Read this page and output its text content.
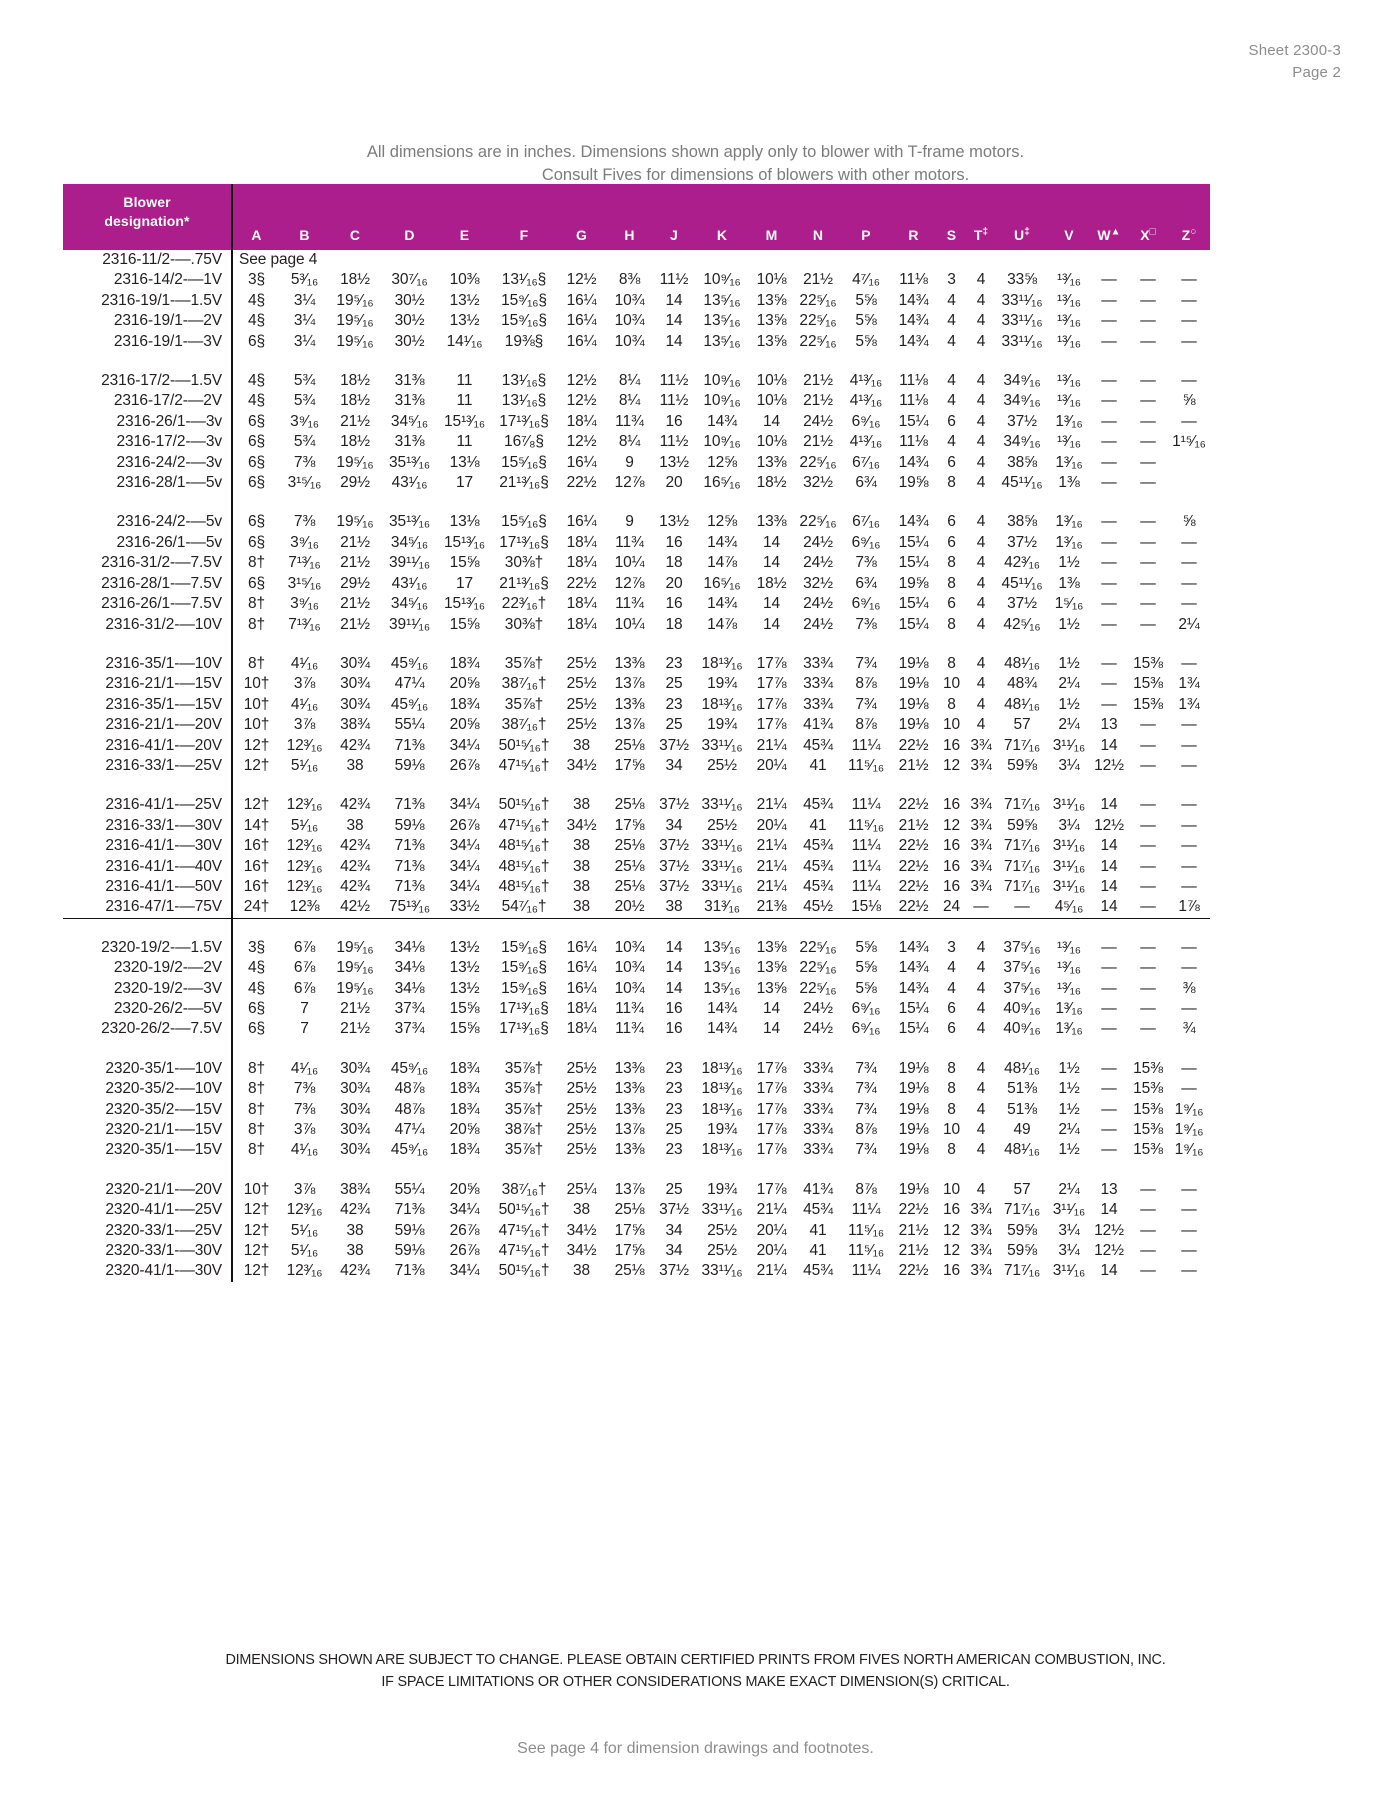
Sheet 2300-3
Page 2
All dimensions are in inches. Dimensions shown apply only to blower with T-frame motors.
Consult Fives for dimensions of blowers with other motors.
Blower
designation*	A	B	C	D	E	F	G	H	J	K	M	N	P	R	S	T‡	U‡	V	W▲	X□	Z○

2316-11/2-—.75V	See page 4																				
2316-14/2-—1V	3§	5³⁄₁₆	18½	30⁷⁄₁₆	10⅜	13¹⁄₁₆§	12½	8⅜	11½	10⁹⁄₁₆	10⅛	21½	4⁷⁄₁₆	11⅛	3	4	33⅝	¹³⁄₁₆	—	—	—
2316-19/1-—1.5V	4§	3¼	19⁵⁄₁₆	30½	13½	15⁹⁄₁₆§	16¼	10¾	14	13⁵⁄₁₆	13⅝	22⁵⁄₁₆	5⅝	14¾	4	4	33¹¹⁄₁₆	¹³⁄₁₆	—	—	—
2316-19/1-—2V	4§	3¼	19⁵⁄₁₆	30½	13½	15⁹⁄₁₆§	16¼	10¾	14	13⁵⁄₁₆	13⅝	22⁵⁄₁₆	5⅝	14¾	4	4	33¹¹⁄₁₆	¹³⁄₁₆	—	—	—
2316-19/1-—3V	6§	3¼	19⁵⁄₁₆	30½	14¹⁄₁₆	19⅜§	16¼	10¾	14	13⁵⁄₁₆	13⅝	22⁵⁄₁₆	5⅝	14¾	4	4	33¹¹⁄₁₆	¹³⁄₁₆	—	—	—

2316-17/2-—1.5V	4§	5¾	18½	31⅜	11	13¹⁄₁₆§	12½	8¼	11½	10⁹⁄₁₆	10⅛	21½	4¹³⁄₁₆	11⅛	4	4	34⁹⁄₁₆	¹³⁄₁₆	—	—	—
2316-17/2-—2V	4§	5¾	18½	31⅜	11	13¹⁄₁₆§	12½	8¼	11½	10⁹⁄₁₆	10⅛	21½	4¹³⁄₁₆	11⅛	4	4	34⁹⁄₁₆	¹³⁄₁₆	—	—	⅝
2316-26/1-—3v	6§	3⁹⁄₁₆	21½	34⁵⁄₁₆	15¹³⁄₁₆	17¹³⁄₁₆§	18¼	11¾	16	14¾	14	24½	6⁹⁄₁₆	15¼	6	4	37½	1³⁄₁₆	—	—	—
2316-17/2-—3v	6§	5¾	18½	31⅜	11	16⁷⁄₈§	12½	8¼	11½	10⁹⁄₁₆	10⅛	21½	4¹³⁄₁₆	11⅛	4	4	34⁹⁄₁₆	¹³⁄₁₆	—	—	1¹⁵⁄₁₆
2316-24/2-—3v	6§	7⅜	19⁵⁄₁₆	35¹³⁄₁₆	13⅛	15⁵⁄₁₆§	16¼	9	13½	12⅝	13⅜	22⁵⁄₁₆	6⁷⁄₁₆	14¾	6	4	38⅝	1³⁄₁₆	—	—	
2316-28/1-—5v	6§	3¹⁵⁄₁₆	29½	43¹⁄₁₆	17	21¹³⁄₁₆§	22½	12⅞	20	16⁵⁄₁₆	18½	32½	6¾	19⅝	8	4	45¹¹⁄₁₆	1⅜	—	—	

2316-24/2-—5v	6§	7⅜	19⁵⁄₁₆	35¹³⁄₁₆	13⅛	15⁵⁄₁₆§	16¼	9	13½	12⅝	13⅜	22⁵⁄₁₆	6⁷⁄₁₆	14¾	6	4	38⅝	1³⁄₁₆	—	—	⅝
2316-26/1-—5v	6§	3⁹⁄₁₆	21½	34⁵⁄₁₆	15¹³⁄₁₆	17¹³⁄₁₆§	18¼	11¾	16	14¾	14	24½	6⁹⁄₁₆	15¼	6	4	37½	1³⁄₁₆	—	—	—
2316-31/2-—7.5V	8†	7¹³⁄₁₆	21½	39¹¹⁄₁₆	15⅝	30⅜†	18¼	10¼	18	14⅞	14	24½	7⅜	15¼	8	4	42³⁄₁₆	1½	—	—	—
2316-28/1-—7.5V	6§	3¹⁵⁄₁₆	29½	43¹⁄₁₆	17	21¹³⁄₁₆§	22½	12⅞	20	16⁵⁄₁₆	18½	32½	6¾	19⅝	8	4	45¹¹⁄₁₆	1⅜	—	—	—
2316-26/1-—7.5V	8†	3⁹⁄₁₆	21½	34⁵⁄₁₆	15¹³⁄₁₆	22³⁄₁₆†	18¼	11¾	16	14¾	14	24½	6⁹⁄₁₆	15¼	6	4	37½	1⁵⁄₁₆	—	—	—
2316-31/2-—10V	8†	7¹³⁄₁₆	21½	39¹¹⁄₁₆	15⅝	30⅜†	18¼	10¼	18	14⅞	14	24½	7⅜	15¼	8	4	42⁵⁄₁₆	1½	—	—	2¼

2316-35/1-—10V	8†	4¹⁄₁₆	30¾	45⁹⁄₁₆	18¾	35⅞†	25½	13⅜	23	18¹³⁄₁₆	17⅞	33¾	7¾	19⅛	8	4	48¹⁄₁₆	1½	—	15⅜	—
2316-21/1-—15V	10†	3⅞	30¾	47¼	20⅝	38⁷⁄₁₆†	25½	13⅞	25	19¾	17⅞	33¾	8⅞	19⅛	10	4	48¾	2¼	—	15⅜	1¾
2316-35/1-—15V	10†	4¹⁄₁₆	30¾	45⁹⁄₁₆	18¾	35⅞†	25½	13⅜	23	18¹³⁄₁₆	17⅞	33¾	7¾	19⅛	8	4	48¹⁄₁₆	1½	—	15⅜	1¾
2316-21/1-—20V	10†	3⅞	38¾	55¼	20⅝	38⁷⁄₁₆†	25½	13⅞	25	19¾	17⅞	41¾	8⅞	19⅛	10	4	57	2¼	13	—	—
2316-41/1-—20V	12†	12³⁄₁₆	42¾	71⅜	34¼	50¹⁵⁄₁₆†	38	25⅛	37½	33¹¹⁄₁₆	21¼	45¾	11¼	22½	16	3¾	71⁷⁄₁₆	3¹¹⁄₁₆	14	—	—
2316-33/1-—25V	12†	5¹⁄₁₆	38	59⅛	26⅞	47¹⁵⁄₁₆†	34½	17⅝	34	25½	20¼	41	11⁵⁄₁₆	21½	12	3¾	59⅝	3¼	12½	—	—

2316-41/1-—25V	12†	12³⁄₁₆	42¾	71⅜	34¼	50¹⁵⁄₁₆†	38	25⅛	37½	33¹¹⁄₁₆	21¼	45¾	11¼	22½	16	3¾	71⁷⁄₁₆	3¹¹⁄₁₆	14	—	—
2316-33/1-—30V	14†	5¹⁄₁₆	38	59⅛	26⅞	47¹⁵⁄₁₆†	34½	17⅝	34	25½	20¼	41	11⁵⁄₁₆	21½	12	3¾	59⅝	3¼	12½	—	—
2316-41/1-—30V	16†	12³⁄₁₆	42¾	71⅜	34¼	48¹⁵⁄₁₆†	38	25⅛	37½	33¹¹⁄₁₆	21¼	45¾	11¼	22½	16	3¾	71⁷⁄₁₆	3¹¹⁄₁₆	14	—	—
2316-41/1-—40V	16†	12³⁄₁₆	42¾	71⅜	34¼	48¹⁵⁄₁₆†	38	25⅛	37½	33¹¹⁄₁₆	21¼	45¾	11¼	22½	16	3¾	71⁷⁄₁₆	3¹¹⁄₁₆	14	—	—
2316-41/1-—50V	16†	12³⁄₁₆	42¾	71⅜	34¼	48¹⁵⁄₁₆†	38	25⅛	37½	33¹¹⁄₁₆	21¼	45¾	11¼	22½	16	3¾	71⁷⁄₁₆	3¹¹⁄₁₆	14	—	—
2316-47/1-—75V	24†	12⅜	42½	75¹³⁄₁₆	33½	54⁷⁄₁₆†	38	20½	38	31³⁄₁₆	21⅜	45½	15⅛	22½	24	—	—	4⁵⁄₁₆	14	—	1⅞

2320-19/2-—1.5V	3§	6⅞	19⁵⁄₁₆	34⅛	13½	15⁹⁄₁₆§	16¼	10¾	14	13⁵⁄₁₆	13⅝	22⁵⁄₁₆	5⅝	14¾	3	4	37⁵⁄₁₆	¹³⁄₁₆	—	—	—
2320-19/2-—2V	4§	6⅞	19⁵⁄₁₆	34⅛	13½	15⁹⁄₁₆§	16¼	10¾	14	13⁵⁄₁₆	13⅝	22⁵⁄₁₆	5⅝	14¾	4	4	37⁵⁄₁₆	¹³⁄₁₆	—	—	—
2320-19/2-—3V	4§	6⅞	19⁵⁄₁₆	34⅛	13½	15⁹⁄₁₆§	16¼	10¾	14	13⁵⁄₁₆	13⅝	22⁵⁄₁₆	5⅝	14¾	4	4	37⁵⁄₁₆	¹³⁄₁₆	—	—	⅜
2320-26/2-—5V	6§	7	21½	37¾	15⅝	17¹³⁄₁₆§	18¼	11¾	16	14¾	14	24½	6⁹⁄₁₆	15¼	6	4	40⁹⁄₁₆	1³⁄₁₆	—	—	—
2320-26/2-—7.5V	6§	7	21½	37¾	15⅝	17¹³⁄₁₆§	18¼	11¾	16	14¾	14	24½	6⁹⁄₁₆	15¼	6	4	40⁹⁄₁₆	1³⁄₁₆	—	—	¾

2320-35/1-—10V	8†	4¹⁄₁₆	30¾	45⁹⁄₁₆	18¾	35⅞†	25½	13⅜	23	18¹³⁄₁₆	17⅞	33¾	7¾	19⅛	8	4	48¹⁄₁₆	1½	—	15⅜	—
2320-35/2-—10V	8†	7⅜	30¾	48⅞	18¾	35⅞†	25½	13⅜	23	18¹³⁄₁₆	17⅞	33¾	7¾	19⅛	8	4	51⅜	1½	—	15⅜	—
2320-35/2-—15V	8†	7⅜	30¾	48⅞	18¾	35⅞†	25½	13⅜	23	18¹³⁄₁₆	17⅞	33¾	7¾	19⅛	8	4	51⅜	1½	—	15⅜	1⁹⁄₁₆
2320-21/1-—15V	8†	3⅞	30¾	47¼	20⅝	38⅞†	25½	13⅞	25	19¾	17⅞	33¾	8⅞	19⅛	10	4	49	2¼	—	15⅜	1⁹⁄₁₆
2320-35/1-—15V	8†	4¹⁄₁₆	30¾	45⁹⁄₁₆	18¾	35⅞†	25½	13⅜	23	18¹³⁄₁₆	17⅞	33¾	7¾	19⅛	8	4	48¹⁄₁₆	1½	—	15⅜	1⁹⁄₁₆

2320-21/1-—20V	10†	3⅞	38¾	55¼	20⅝	38⁷⁄₁₆†	25¼	13⅞	25	19¾	17⅞	41¾	8⅞	19⅛	10	4	57	2¼	13	—	—
2320-41/1-—25V	12†	12³⁄₁₆	42¾	71⅜	34¼	50¹⁵⁄₁₆†	38	25⅛	37½	33¹¹⁄₁₆	21¼	45¾	11¼	22½	16	3¾	71⁷⁄₁₆	3¹¹⁄₁₆	14	—	—
2320-33/1-—25V	12†	5¹⁄₁₆	38	59⅛	26⅞	47¹⁵⁄₁₆†	34½	17⅝	34	25½	20¼	41	11⁵⁄₁₆	21½	12	3¾	59⅝	3¼	12½	—	—
2320-33/1-—30V	12†	5¹⁄₁₆	38	59⅛	26⅞	47¹⁵⁄₁₆†	34½	17⅝	34	25½	20¼	41	11⁵⁄₁₆	21½	12	3¾	59⅝	3¼	12½	—	—
2320-41/1-—30V	12†	12³⁄₁₆	42¾	71⅜	34¼	50¹⁵⁄₁₆†	38	25⅛	37½	33¹¹⁄₁₆	21¼	45¾	11¼	22½	16	3¾	71⁷⁄₁₆	3¹¹⁄₁₆	14	—	—
DIMENSIONS SHOWN ARE SUBJECT TO CHANGE. PLEASE OBTAIN CERTIFIED PRINTS FROM FIVES NORTH AMERICAN COMBUSTION, INC.
IF SPACE LIMITATIONS OR OTHER CONSIDERATIONS MAKE EXACT DIMENSION(S) CRITICAL.
See page 4 for dimension drawings and footnotes.
